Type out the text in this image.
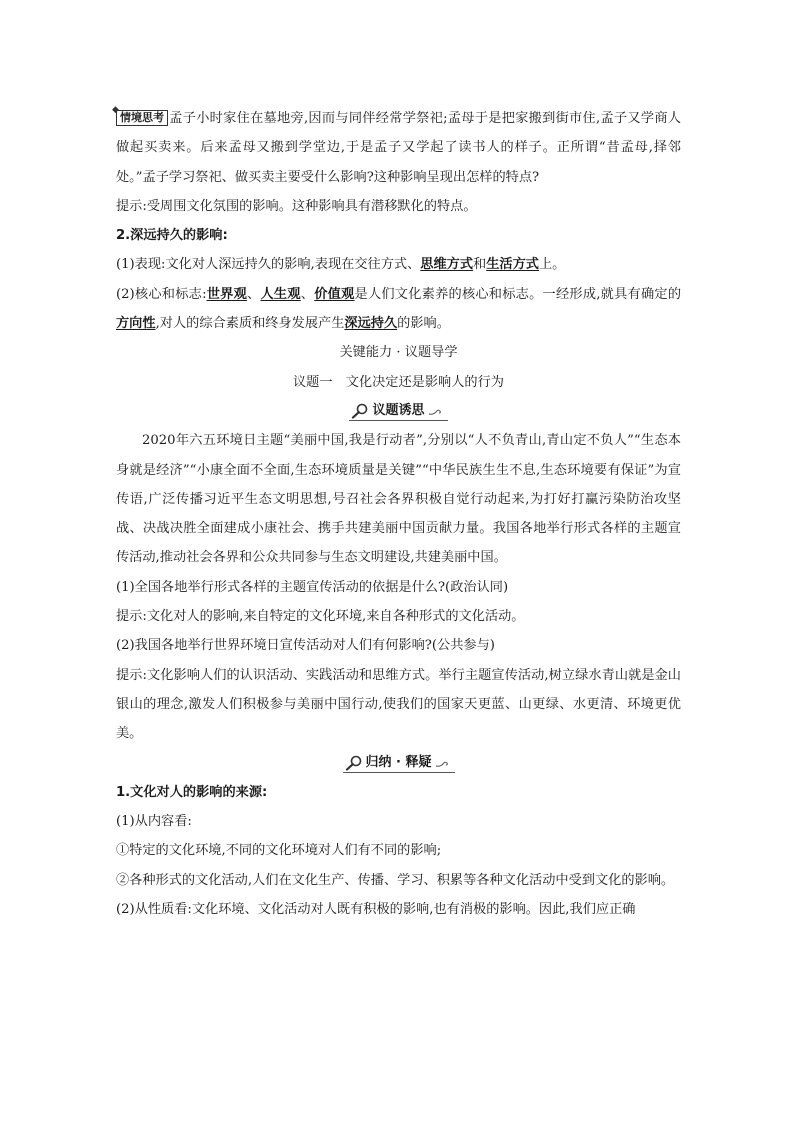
◆
情境思考 孟子小时家住在墓地旁,因而与同伴经常学祭祀;孟母于是把家搬到街市住,孟子又学商人做起买卖来。后来孟母又搬到学堂边,于是孟子又学起了读书人的样子。正所谓“昔孟母,择邻处。”孟子学习祭祀、做买卖主要受什么影响?这种影响呈现出怎样的特点?

提示:受周围文化氛围的影响。这种影响具有潜移默化的特点。

2.深远持久的影响:

(1)表现:文化对人深远持久的影响,表现在交往方式、思维方式和生活方式上。

(2)核心和标志:世界观、人生观、价值观是人们文化素养的核心和标志。一经形成,就具有确定的方向性,对人的综合素质和终身发展产生深远持久的影响。

关键能力 · 议题导学

议题一　文化决定还是影响人的行为

议题诱思

2020年六五环境日主题“美丽中国,我是行动者”,分别以“人不负青山,青山定不负人”“生态本身就是经济”“小康全面不全面,生态环境质量是关键”“中华民族生生不息,生态环境要有保证”为宣传语,广泛传播习近平生态文明思想,号召社会各界积极自觉行动起来,为打好打赢污染防治攻坚战、决战决胜全面建成小康社会、携手共建美丽中国贡献力量。我国各地举行形式各样的主题宣传活动,推动社会各界和公众共同参与生态文明建设,共建美丽中国。

(1)全国各地举行形式各样的主题宣传活动的依据是什么?(政治认同)

提示:文化对人的影响,来自特定的文化环境,来自各种形式的文化活动。

(2)我国各地举行世界环境日宣传活动对人们有何影响?(公共参与)

提示:文化影响人们的认识活动、实践活动和思维方式。举行主题宣传活动,树立绿水青山就是金山银山的理念,激发人们积极参与美丽中国行动,使我们的国家天更蓝、山更绿、水更清、环境更优美。

归纳 · 释疑

1.文化对人的影响的来源:

(1)从内容看:

①特定的文化环境,不同的文化环境对人们有不同的影响;

②各种形式的文化活动,人们在文化生产、传播、学习、积累等各种文化活动中受到文化的影响。

(2)从性质看:文化环境、文化活动对人既有积极的影响,也有消极的影响。因此,我们应正确
